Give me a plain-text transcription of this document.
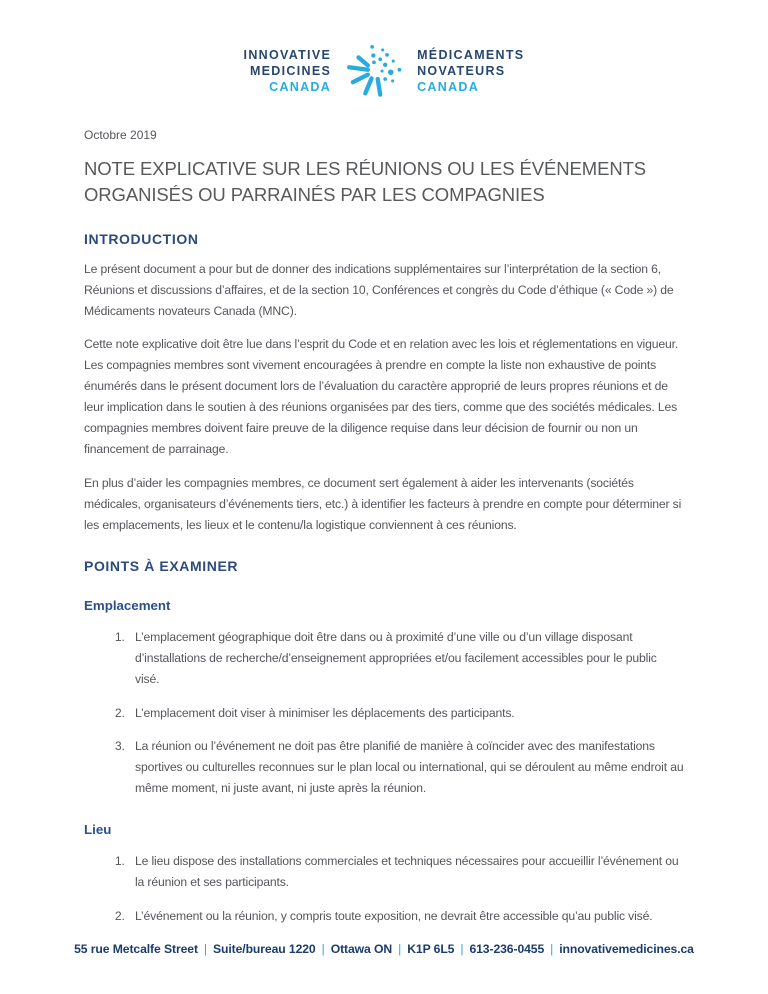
INNOVATIVE
MEDICINES
CANADA
MÉDICAMENTS
NOVATEURS
CANADA
Octobre 2019
NOTE EXPLICATIVE SUR LES RÉUNIONS OU LES ÉVÉNEMENTS ORGANISÉS OU PARRAINÉS PAR LES COMPAGNIES
INTRODUCTION

Le présent document a pour but de donner des indications supplémentaires sur l’interprétation de la section 6, Réunions et discussions d’affaires, et de la section 10, Conférences et congrès du Code d’éthique (« Code ») de Médicaments novateurs Canada (MNC).

Cette note explicative doit être lue dans l’esprit du Code et en relation avec les lois et réglementations en vigueur. Les compagnies membres sont vivement encouragées à prendre en compte la liste non exhaustive de points énumérés dans le présent document lors de l’évaluation du caractère approprié de leurs propres réunions et de leur implication dans le soutien à des réunions organisées par des tiers, comme que des sociétés médicales. Les compagnies membres doivent faire preuve de la diligence requise dans leur décision de fournir ou non un financement de parrainage.

En plus d’aider les compagnies membres, ce document sert également à aider les intervenants (sociétés médicales, organisateurs d’événements tiers, etc.) à identifier les facteurs à prendre en compte pour déterminer si les emplacements, les lieux et le contenu/la logistique conviennent à ces réunions.

POINTS À EXAMINER
Emplacement
1. L’emplacement géographique doit être dans ou à proximité d’une ville ou d’un village disposant d’installations de recherche/d’enseignement appropriées et/ou facilement accessibles pour le public visé.
2. L’emplacement doit viser à minimiser les déplacements des participants.
3. La réunion ou l’événement ne doit pas être planifié de manière à coïncider avec des manifestations sportives ou culturelles reconnues sur le plan local ou international, qui se déroulent au même endroit au même moment, ni juste avant, ni juste après la réunion.
Lieu
1. Le lieu dispose des installations commerciales et techniques nécessaires pour accueillir l’événement ou la réunion et ses participants.
2. L’événement ou la réunion, y compris toute exposition, ne devrait être accessible qu’au public visé.
55 rue Metcalfe Street | Suite/bureau 1220 | Ottawa ON | K1P 6L5 | 613-236-0455 | innovativemedicines.ca
